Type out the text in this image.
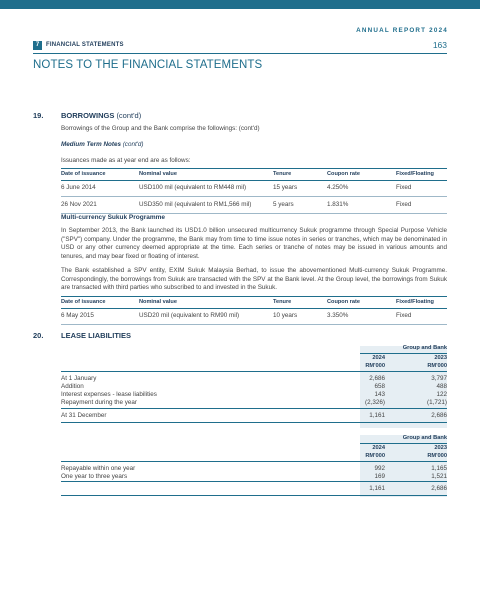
ANNUAL REPORT 2024
7	FINANCIAL STATEMENTS	163
NOTES TO THE FINANCIAL STATEMENTS
19. BORROWINGS (cont'd)
Borrowings of the Group and the Bank comprise the followings: (cont'd)
Medium Term Notes (cont'd)
Issuances made as at year end are as follows:
Date of issuance	Nominal value	Tenure	Coupon rate	Fixed/Floating
6 June 2014	USD100 mil (equivalent to RM448 mil)	15 years	4.250%	Fixed
26 Nov 2021	USD350 mil (equivalent to RM1,566 mil)	5 years	1.831%	Fixed
Multi-currency Sukuk Programme
In September 2013, the Bank launched its USD1.0 billion unsecured multicurrency Sukuk programme through Special Purpose Vehicle ("SPV") company. Under the programme, the Bank may from time to time issue notes in series or tranches, which may be denominated in USD or any other currency deemed appropriate at the time. Each series or tranche of notes may be issued in various amounts and tenures, and may bear fixed or floating of interest.
The Bank established a SPV entity, EXIM Sukuk Malaysia Berhad, to issue the abovementioned Multi-currency Sukuk Programme. Correspondingly, the borrowings from Sukuk are transacted with the SPV at the Bank level. At the Group level, the borrowings from Sukuk are transacted with third parties who subscribed to and invested in the Sukuk.
Date of issuance	Nominal value	Tenure	Coupon rate	Fixed/Floating
6 May 2015	USD20 mil (equivalent to RM90 mil)	10 years	3.350%	Fixed
20. LEASE LIABILITIES
Group and Bank
2024	2023
RM'000	RM'000
At 1 January	2,686	3,797
Addition	658	488
Interest expenses - lease liabilities	143	122
Repayment during the year	(2,326)	(1,721)
At 31 December	1,161	2,686
Group and Bank
2024	2023
RM'000	RM'000
Repayable within one year	992	1,165
One year to three years	169	1,521
1,161	2,686
